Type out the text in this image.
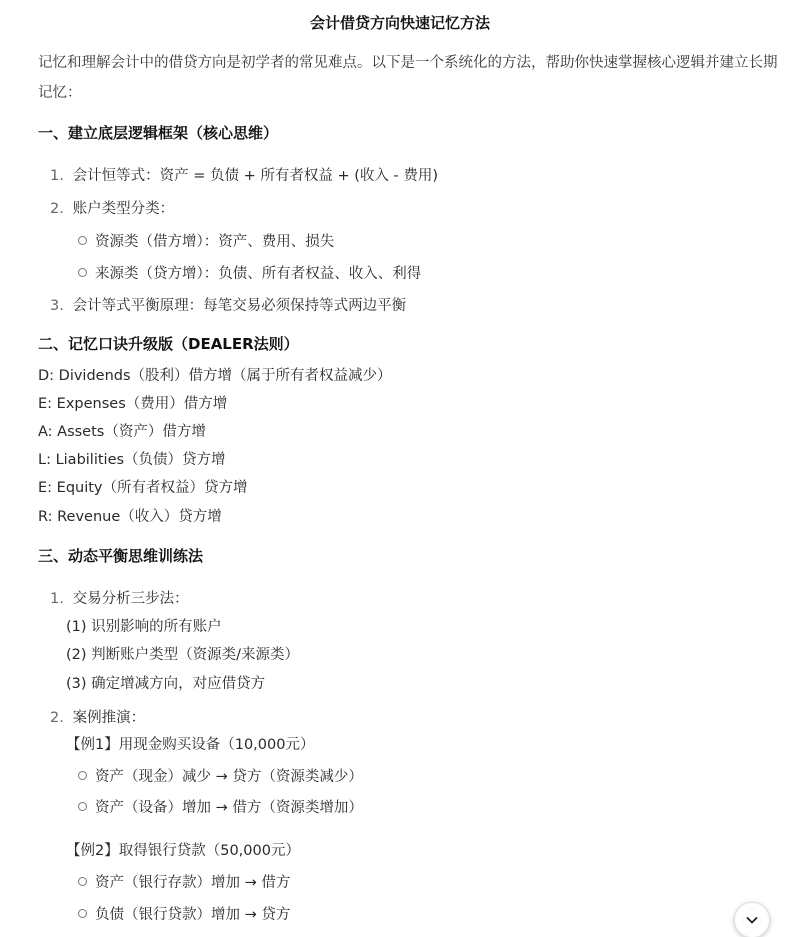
会计借贷方向快速记忆方法
记忆和理解会计中的借贷方向是初学者的常见难点。以下是一个系统化的方法，帮助你快速掌握核心逻辑并建立长期记忆：
一、建立底层逻辑框架（核心思维）
1. 会计恒等式：资产 = 负债 + 所有者权益 + (收入 - 费用)
2. 账户类型分类：
资源类（借方增）：资产、费用、损失
来源类（贷方增）：负债、所有者权益、收入、利得
3. 会计等式平衡原理：每笔交易必须保持等式两边平衡
二、记忆口诀升级版（DEALER法则）
D: Dividends（股利）借方增（属于所有者权益减少）
E: Expenses（费用）借方增
A: Assets（资产）借方增
L: Liabilities（负债）贷方增
E: Equity（所有者权益）贷方增
R: Revenue（收入）贷方增
三、动态平衡思维训练法
1. 交易分析三步法：
(1) 识别影响的所有账户
(2) 判断账户类型（资源类/来源类）
(3) 确定增减方向，对应借贷方
2. 案例推演：
【例1】用现金购买设备（10,000元）
资产（现金）减少 → 贷方（资源类减少）
资产（设备）增加 → 借方（资源类增加）
【例2】取得银行贷款（50,000元）
资产（银行存款）增加 → 借方
负债（银行贷款）增加 → 贷方
